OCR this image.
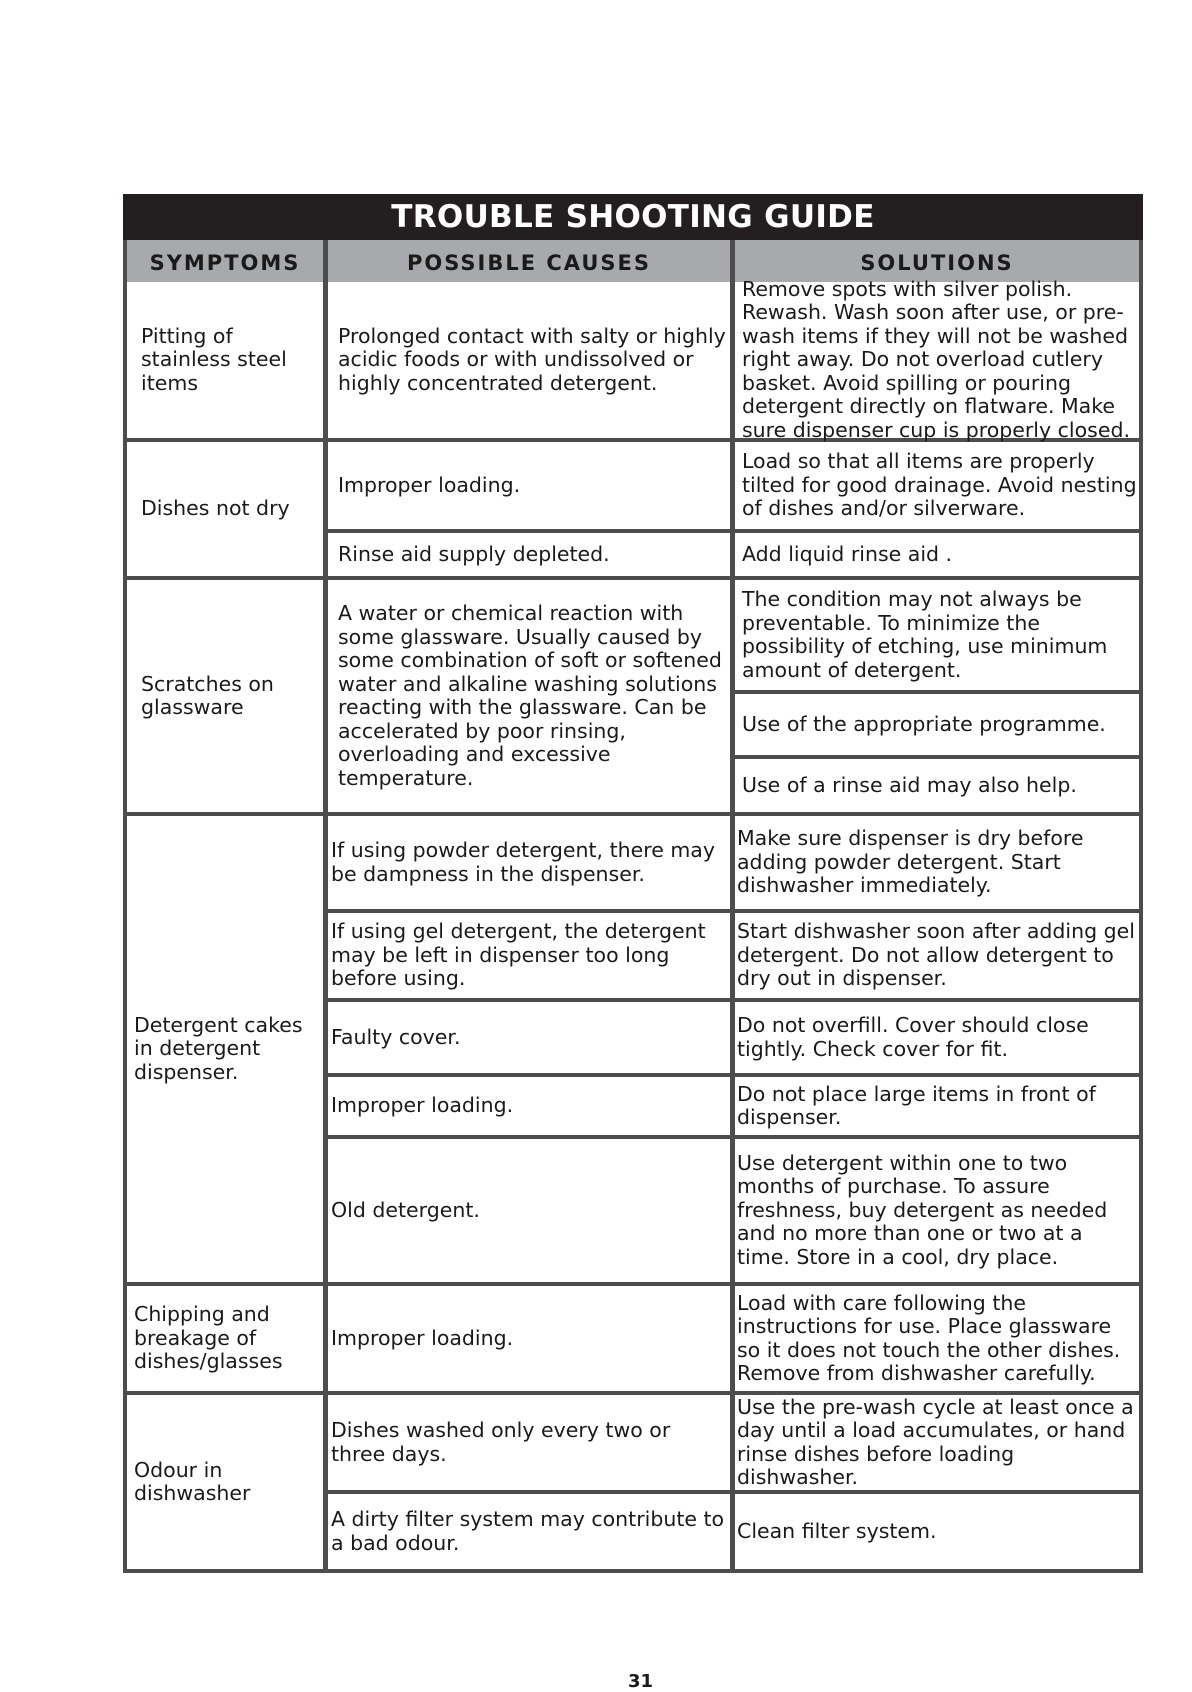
TROUBLE SHOOTING GUIDE
SYMPTOMS	POSSIBLE CAUSES	SOLUTIONS
Pitting of stainless steel items
Prolonged contact with salty or highly acidic foods or with undissolved or highly concentrated detergent.
Remove spots with silver polish. Rewash. Wash soon after use, or pre-wash items if they will not be washed right away. Do not overload cutlery basket. Avoid spilling or pouring detergent directly on flatware. Make sure dispenser cup is properly closed.
Dishes not dry
Improper loading.
Rinse aid supply depleted.
Load so that all items are properly tilted for good drainage. Avoid nesting of dishes and/or silverware.
Add liquid rinse aid .
Scratches on glassware
A water or chemical reaction with some glassware. Usually caused by some combination of soft or softened water and alkaline washing solutions reacting with the glassware. Can be accelerated by poor rinsing, overloading and excessive temperature.
The condition may not always be preventable. To minimize the possibility of etching, use minimum amount of detergent.
Use of the appropriate programme.
Use of a rinse aid may also help.
Detergent cakes in detergent dispenser.
If using powder detergent, there may be dampness in the dispenser.
If using gel detergent, the detergent may be left in dispenser too long before using.
Faulty cover.
Improper loading.
Old detergent.
Make sure dispenser is dry before adding powder detergent. Start dishwasher immediately.
Start dishwasher soon after adding gel detergent. Do not allow detergent to dry out in dispenser.
Do not overfill. Cover should close tightly. Check cover for fit.
Do not place large items in front of dispenser.
Use detergent within one to two months of purchase. To assure freshness, buy detergent as needed and no more than one or two at a time. Store in a cool, dry place.
Chipping and breakage of dishes/glasses
Improper loading.
Load with care following the instructions for use. Place glassware so it does not touch the other dishes. Remove from dishwasher carefully.
Odour in dishwasher
Dishes washed only every two or three days.
A dirty filter system may contribute to a bad odour.
Use the pre-wash cycle at least once a day until a load accumulates, or hand rinse dishes before loading dishwasher.
Clean filter system.
31
